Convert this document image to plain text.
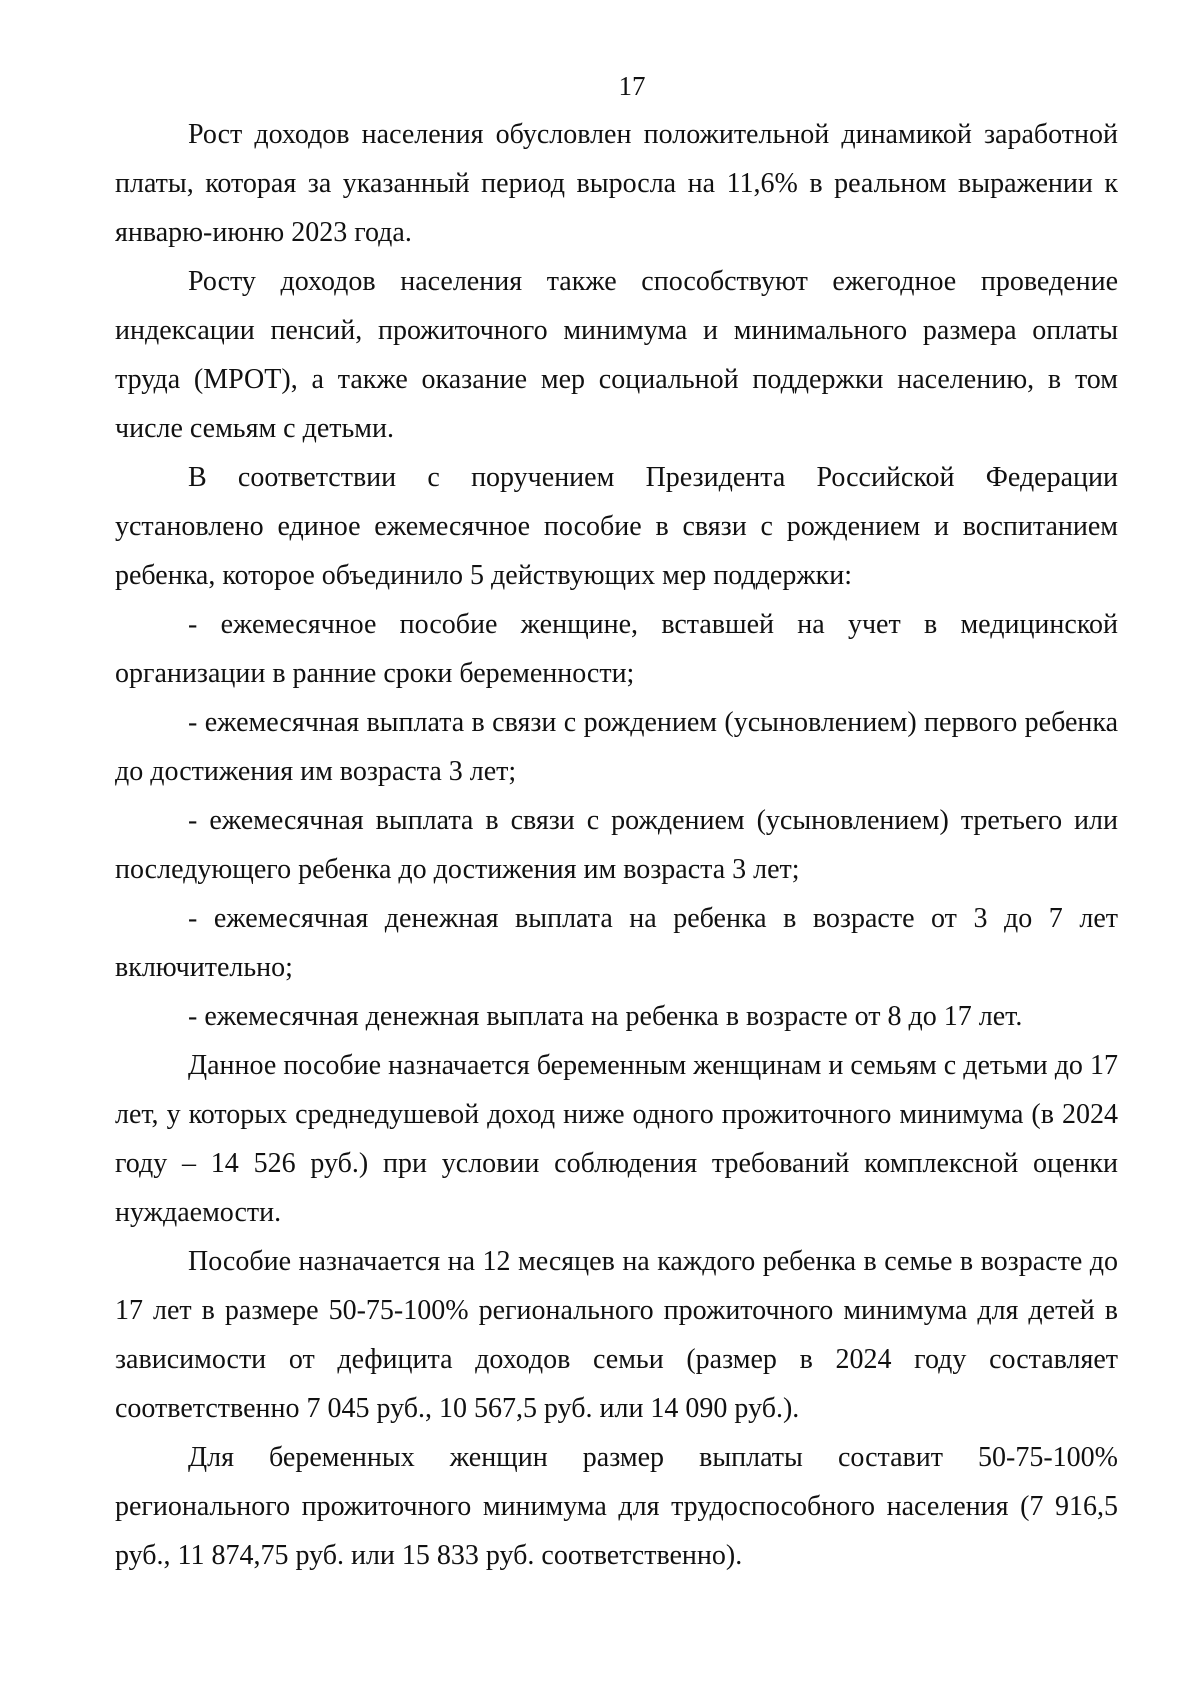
17

Рост доходов населения обусловлен положительной динамикой заработной платы, которая за указанный период выросла на 11,6% в реальном выражении к январю-июню 2023 года.

Росту доходов населения также способствуют ежегодное проведение индексации пенсий, прожиточного минимума и минимального размера оплаты труда (МРОТ), а также оказание мер социальной поддержки населению, в том числе семьям с детьми.

В соответствии с поручением Президента Российской Федерации установлено единое ежемесячное пособие в связи с рождением и воспитанием ребенка, которое объединило 5 действующих мер поддержки:

- ежемесячное пособие женщине, вставшей на учет в медицинской организации в ранние сроки беременности;

- ежемесячная выплата в связи с рождением (усыновлением) первого ребенка до достижения им возраста 3 лет;

- ежемесячная выплата в связи с рождением (усыновлением) третьего или последующего ребенка до достижения им возраста 3 лет;

- ежемесячная денежная выплата на ребенка в возрасте от 3 до 7 лет включительно;

- ежемесячная денежная выплата на ребенка в возрасте от 8 до 17 лет.

Данное пособие назначается беременным женщинам и семьям с детьми до 17 лет, у которых среднедушевой доход ниже одного прожиточного минимума (в 2024 году – 14 526 руб.) при условии соблюдения требований комплексной оценки нуждаемости.

Пособие назначается на 12 месяцев на каждого ребенка в семье в возрасте до 17 лет в размере 50-75-100% регионального прожиточного минимума для детей в зависимости от дефицита доходов семьи (размер в 2024 году составляет соответственно 7 045 руб., 10 567,5 руб. или 14 090 руб.).

Для беременных женщин размер выплаты составит 50-75-100% регионального прожиточного минимума для трудоспособного населения (7 916,5 руб., 11 874,75 руб. или 15 833 руб. соответственно).
